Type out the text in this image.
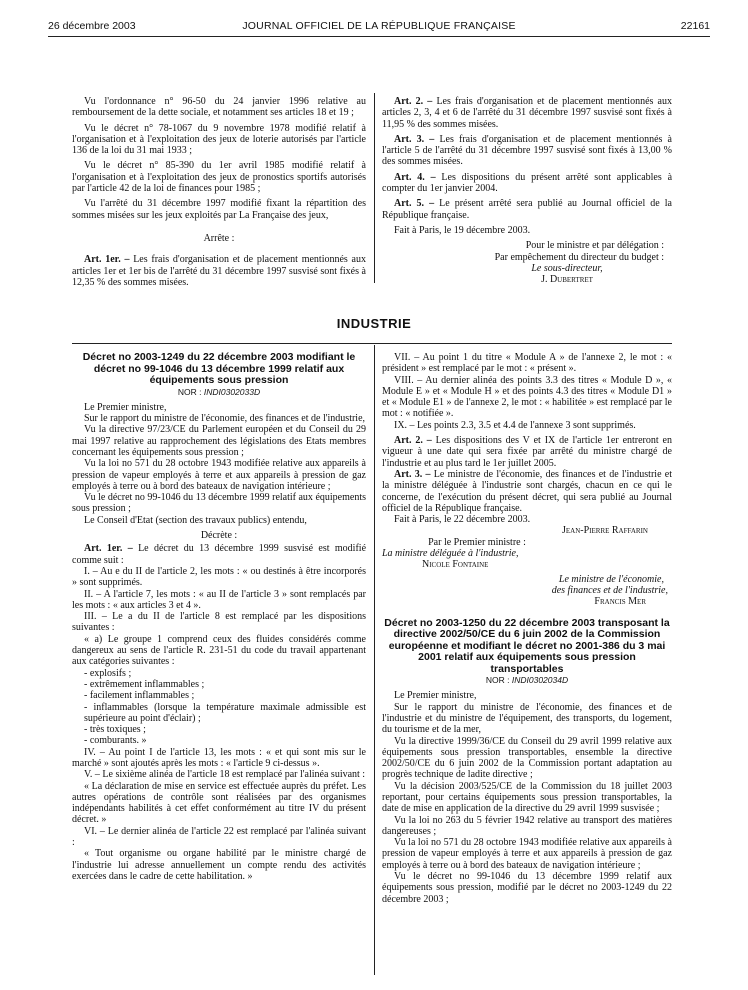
26 décembre 2003	JOURNAL OFFICIEL DE LA RÉPUBLIQUE FRANÇAISE	22161

Vu l'ordonnance n° 96-50 du 24 janvier 1996 relative au remboursement de la dette sociale, et notamment ses articles 18 et 19 ;

Vu le décret n° 78-1067 du 9 novembre 1978 modifié relatif à l'organisation et à l'exploitation des jeux de loterie autorisés par l'article 136 de la loi du 31 mai 1933 ;

Vu le décret n° 85-390 du 1er avril 1985 modifié relatif à l'organisation et à l'exploitation des jeux de pronostics sportifs autorisés par l'article 42 de la loi de finances pour 1985 ;

Vu l'arrêté du 31 décembre 1997 modifié fixant la répartition des sommes misées sur les jeux exploités par La Française des jeux,

Arrête :

Art. 1er. – Les frais d'organisation et de placement mentionnés aux articles 1er et 1er bis de l'arrêté du 31 décembre 1997 susvisé sont fixés à 12,35 % des sommes misées.

Art. 2. – Les frais d'organisation et de placement mentionnés aux articles 2, 3, 4 et 6 de l'arrêté du 31 décembre 1997 susvisé sont fixés à 11,95 % des sommes misées.

Art. 3. – Les frais d'organisation et de placement mentionnés à l'article 5 de l'arrêté du 31 décembre 1997 susvisé sont fixés à 13,00 % des sommes misées.

Art. 4. – Les dispositions du présent arrêté sont applicables à compter du 1er janvier 2004.

Art. 5. – Le présent arrêté sera publié au Journal officiel de la République française.

Fait à Paris, le 19 décembre 2003.

Pour le ministre et par délégation :

Par empêchement du directeur du budget :

Le sous-directeur,

J. Dubertret

INDUSTRIE

Décret no 2003-1249 du 22 décembre 2003 modifiant le décret no 99-1046 du 13 décembre 1999 relatif aux équipements sous pression

NOR : INDI0302033D

Le Premier ministre,

Sur le rapport du ministre de l'économie, des finances et de l'industrie,

Vu la directive 97/23/CE du Parlement européen et du Conseil du 29 mai 1997 relative au rapprochement des législations des Etats membres concernant les équipements sous pression ;

Vu la loi no 571 du 28 octobre 1943 modifiée relative aux appareils à pression de vapeur employés à terre et aux appareils à pression de gaz employés à terre ou à bord des bateaux de navigation intérieure ;

Vu le décret no 99-1046 du 13 décembre 1999 relatif aux équipements sous pression ;

Le Conseil d'Etat (section des travaux publics) entendu,

Décrète :

Art. 1er. – Le décret du 13 décembre 1999 susvisé est modifié comme suit :

I. – Au e du II de l'article 2, les mots : « ou destinés à être incorporés » sont supprimés.

II. – A l'article 7, les mots : « au II de l'article 3 » sont remplacés par les mots : « aux articles 3 et 4 ».

III. – Le a du II de l'article 8 est remplacé par les dispositions suivantes :

« a) Le groupe 1 comprend ceux des fluides considérés comme dangereux au sens de l'article R. 231-51 du code du travail appartenant aux catégories suivantes :

- explosifs ;

- extrêmement inflammables ;

- facilement inflammables ;

- inflammables (lorsque la température maximale admissible est supérieure au point d'éclair) ;

- très toxiques ;

- comburants. »

IV. – Au point I de l'article 13, les mots : « et qui sont mis sur le marché » sont ajoutés après les mots : « l'article 9 ci-dessus ».

V. – Le sixième alinéa de l'article 18 est remplacé par l'alinéa suivant :

« La déclaration de mise en service est effectuée auprès du préfet. Les autres opérations de contrôle sont réalisées par des organismes indépendants habilités à cet effet conformément au titre IV du présent décret. »

VI. – Le dernier alinéa de l'article 22 est remplacé par l'alinéa suivant :

« Tout organisme ou organe habilité par le ministre chargé de l'industrie lui adresse annuellement un compte rendu des activités exercées dans le cadre de cette habilitation. »

VII. – Au point 1 du titre « Module A » de l'annexe 2, le mot : « président » est remplacé par le mot : « présent ».

VIII. – Au dernier alinéa des points 3.3 des titres « Module D », « Module E » et « Module H » et des points 4.3 des titres « Module D1 » et « Module E1 » de l'annexe 2, le mot : « habilitée » est remplacé par le mot : « notifiée ».

IX. – Les points 2.3, 3.5 et 4.4 de l'annexe 3 sont supprimés.

Art. 2. – Les dispositions des V et IX de l'article 1er entreront en vigueur à une date qui sera fixée par arrêté du ministre chargé de l'industrie et au plus tard le 1er juillet 2005.

Art. 3. – Le ministre de l'économie, des finances et de l'industrie et la ministre déléguée à l'industrie sont chargés, chacun en ce qui le concerne, de l'exécution du présent décret, qui sera publié au Journal officiel de la République française.

Fait à Paris, le 22 décembre 2003.

Jean-Pierre Raffarin

Par le Premier ministre :

La ministre déléguée à l'industrie,

Nicole Fontaine

Le ministre de l'économie,

des finances et de l'industrie,

Francis Mer

Décret no 2003-1250 du 22 décembre 2003 transposant la directive 2002/50/CE du 6 juin 2002 de la Commission européenne et modifiant le décret no 2001-386 du 3 mai 2001 relatif aux équipements sous pression transportables

NOR : INDI0302034D

Le Premier ministre,

Sur le rapport du ministre de l'économie, des finances et de l'industrie et du ministre de l'équipement, des transports, du logement, du tourisme et de la mer,

Vu la directive 1999/36/CE du Conseil du 29 avril 1999 relative aux équipements sous pression transportables, ensemble la directive 2002/50/CE du 6 juin 2002 de la Commission portant adaptation au progrès technique de ladite directive ;

Vu la décision 2003/525/CE de la Commission du 18 juillet 2003 reportant, pour certains équipements sous pression transportables, la date de mise en application de la directive du 29 avril 1999 susvisée ;

Vu la loi no 263 du 5 février 1942 relative au transport des matières dangereuses ;

Vu la loi no 571 du 28 octobre 1943 modifiée relative aux appareils à pression de vapeur employés à terre et aux appareils à pression de gaz employés à terre ou à bord des bateaux de navigation intérieure ;

Vu le décret no 99-1046 du 13 décembre 1999 relatif aux équipements sous pression, modifié par le décret no 2003-1249 du 22 décembre 2003 ;
